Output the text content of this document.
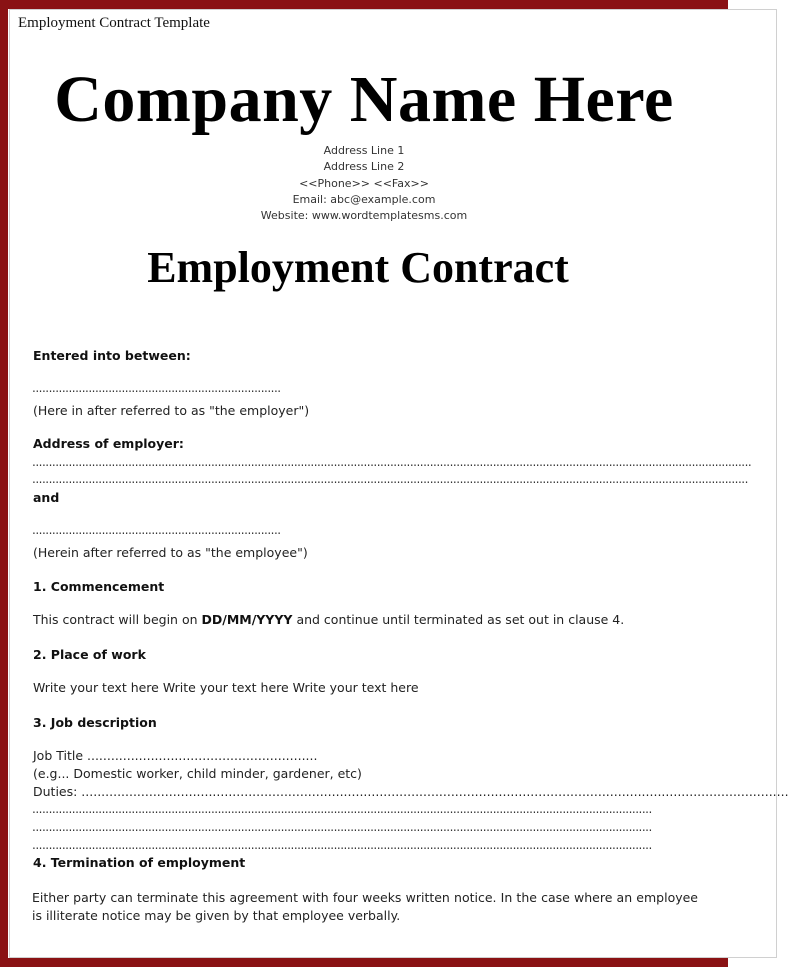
Employment Contract Template
Company Name Here
Address Line 1
Address Line 2
<<Phone>> <<Fax>>
Email: abc@example.com
Website: www.wordtemplatesms.com
Employment Contract
Entered into between:
...........................................................................
(Here in after referred to as "the employer")
Address of employer:
.........................................................................................................................................................................................................................
........................................................................................................................................................................................................................
and
...........................................................................
(Herein after referred to as "the employee")
1. Commencement
This contract will begin on DD/MM/YYYY and continue until terminated as set out in clause 4.
2. Place of work
Write your text here Write your text here Write your text here
3. Job description
Job Title ..........................................................
(e.g... Domestic worker, child minder, gardener, etc)
Duties: ..................................................................................................................................................................................
...........................................................................................................................................................................................
...........................................................................................................................................................................................
...........................................................................................................................................................................................
4. Termination of employment
Either party can terminate this agreement with four weeks written notice. In the case where an employee is illiterate notice may be given by that employee verbally.
